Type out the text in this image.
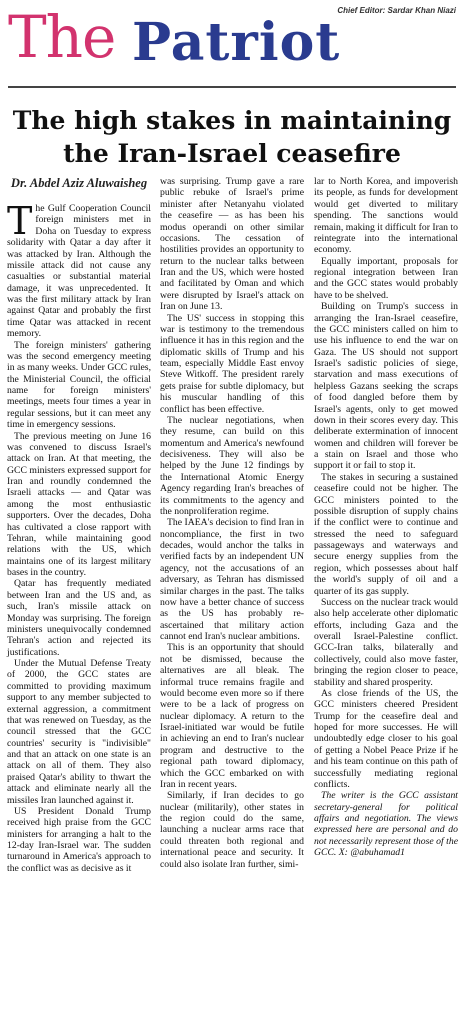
The Patriot
Chief Editor: Sardar Khan Niazi
The high stakes in maintaining the Iran-Israel ceasefire
Dr. Abdel Aziz Aluwaisheg

The Gulf Cooperation Council foreign ministers met in Doha on Tuesday to express solidarity with Qatar a day after it was attacked by Iran. Although the missile attack did not cause any casualties or substantial material damage, it was unprecedented. It was the first military attack by Iran against Qatar and probably the first time Qatar was attacked in recent memory.

The foreign ministers' gathering was the second emergency meeting in as many weeks. Under GCC rules, the Ministerial Council, the official name for foreign ministers' meetings, meets four times a year in regular sessions, but it can meet any time in emergency sessions.

The previous meeting on June 16 was convened to discuss Israel's attack on Iran. At that meeting, the GCC ministers expressed support for Iran and roundly condemned the Israeli attacks — and Qatar was among the most enthusiastic supporters. Over the decades, Doha has cultivated a close rapport with Tehran, while maintaining good relations with the US, which maintains one of its largest military bases in the country.

Qatar has frequently mediated between Iran and the US and, as such, Iran's missile attack on Monday was surprising. The foreign ministers unequivocally condemned Tehran's action and rejected its justifications.

Under the Mutual Defense Treaty of 2000, the GCC states are committed to providing maximum support to any member subjected to external aggression, a commitment that was renewed on Tuesday, as the council stressed that the GCC countries' security is "indivisible" and that an attack on one state is an attack on all of them. They also praised Qatar's ability to thwart the attack and eliminate nearly all the missiles Iran launched against it.

US President Donald Trump received high praise from the GCC ministers for arranging a halt to the 12-day Iran-Israel war. The sudden turnaround in America's approach to the conflict was as decisive as it

was surprising. Trump gave a rare public rebuke of Israel's prime minister after Netanyahu violated the ceasefire — as has been his modus operandi on other similar occasions. The cessation of hostilities provides an opportunity to return to the nuclear talks between Iran and the US, which were hosted and facilitated by Oman and which were disrupted by Israel's attack on Iran on June 13.

The US' success in stopping this war is testimony to the tremendous influence it has in this region and the diplomatic skills of Trump and his team, especially Middle East envoy Steve Witkoff. The president rarely gets praise for subtle diplomacy, but his muscular handling of this conflict has been effective.

The nuclear negotiations, when they resume, can build on this momentum and America's newfound decisiveness. They will also be helped by the June 12 findings by the International Atomic Energy Agency regarding Iran's breaches of its commitments to the agency and the nonproliferation regime.

The IAEA's decision to find Iran in noncompliance, the first in two decades, would anchor the talks in verified facts by an independent UN agency, not the accusations of an adversary, as Tehran has dismissed similar charges in the past. The talks now have a better chance of success as the US has probably re-ascertained that military action cannot end Iran's nuclear ambitions.

This is an opportunity that should not be dismissed, because the alternatives are all bleak. The informal truce remains fragile and would become even more so if there were to be a lack of progress on nuclear diplomacy. A return to the Israel-initiated war would be futile in achieving an end to Iran's nuclear program and destructive to the regional path toward diplomacy, which the GCC embarked on with Iran in recent years.

Similarly, if Iran decides to go nuclear (militarily), other states in the region could do the same, launching a nuclear arms race that could threaten both regional and international peace and security. It could also isolate Iran further, simi-

lar to North Korea, and impoverish its people, as funds for development would get diverted to military spending. The sanctions would remain, making it difficult for Iran to reintegrate into the international economy.

Equally important, proposals for regional integration between Iran and the GCC states would probably have to be shelved.

Building on Trump's success in arranging the Iran-Israel ceasefire, the GCC ministers called on him to use his influence to end the war on Gaza. The US should not support Israel's sadistic policies of siege, starvation and mass executions of helpless Gazans seeking the scraps of food dangled before them by Israel's agents, only to get mowed down in their scores every day. This deliberate extermination of innocent women and children will forever be a stain on Israel and those who support it or fail to stop it.

The stakes in securing a sustained ceasefire could not be higher. The GCC ministers pointed to the possible disruption of supply chains if the conflict were to continue and stressed the need to safeguard passageways and waterways and secure energy supplies from the region, which possesses about half the world's supply of oil and a quarter of its gas supply.

Success on the nuclear track would also help accelerate other diplomatic efforts, including Gaza and the overall Israel-Palestine conflict. GCC-Iran talks, bilaterally and collectively, could also move faster, bringing the region closer to peace, stability and shared prosperity.

As close friends of the US, the GCC ministers cheered President Trump for the ceasefire deal and hoped for more successes. He will undoubtedly edge closer to his goal of getting a Nobel Peace Prize if he and his team continue on this path of successfully mediating regional conflicts.

The writer is the GCC assistant secretary-general for political affairs and negotiation. The views expressed here are personal and do not necessarily represent those of the GCC. X: @abuhamad1
